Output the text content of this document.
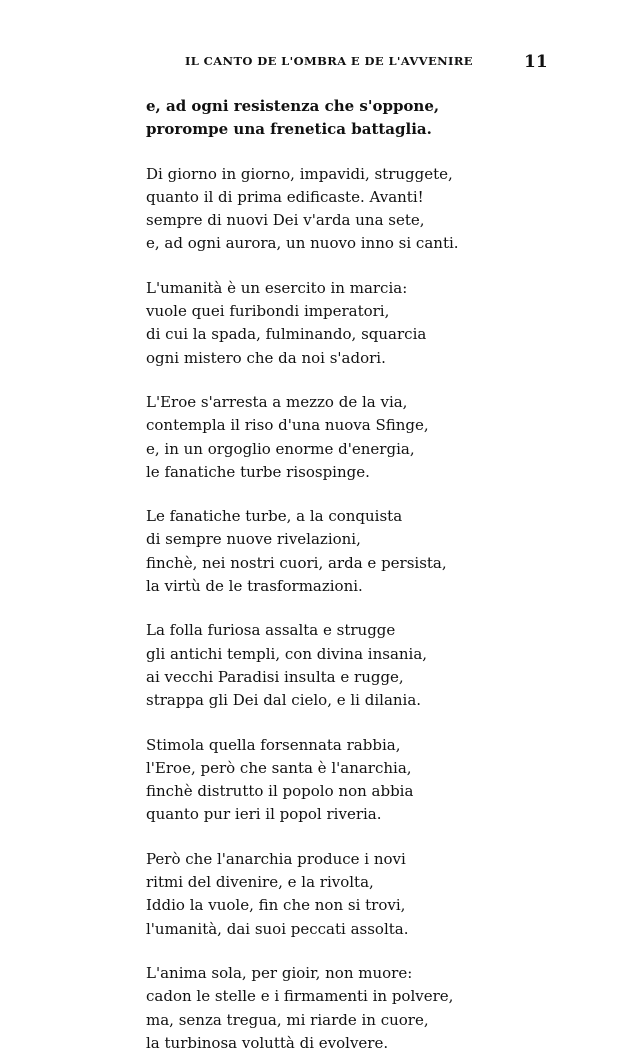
IL CANTO DE L'OMBRA E DE L'AVVENIRE	11
e, ad ogni resistenza che s'oppone,
prorompe una frenetica battaglia.
Di giorno in giorno, impavidi, struggete,
quanto il di prima edificaste. Avanti!
sempre di nuovi Dei v'arda una sete,
e, ad ogni aurora, un nuovo inno si canti.
L'umanità è un esercito in marcia:
vuole quei furibondi imperatori,
di cui la spada, fulminando, squarcia
ogni mistero che da noi s'adori.
L'Eroe s'arresta a mezzo de la via,
contempla il riso d'una nuova Sfinge,
e, in un orgoglio enorme d'energia,
le fanatiche turbe risospinge.
Le fanatiche turbe, a la conquista
di sempre nuove rivelazioni,
finchè, nei nostri cuori, arda e persista,
la virtù de le trasformazioni.
La folla furiosa assalta e strugge
gli antichi templi, con divina insania,
ai vecchi Paradisi insulta e rugge,
strappa gli Dei dal cielo, e li dilania.
Stimola quella forsennata rabbia,
l'Eroe, però che santa è l'anarchia,
finchè distrutto il popolo non abbia
quanto pur ieri il popol riveria.
Però che l'anarchia produce i novi
ritmi del divenire, e la rivolta,
Iddio la vuole, fin che non si trovi,
l'umanità, dai suoi peccati assolta.
L'anima sola, per gioir, non muore:
cadon le stelle e i firmamenti in polvere,
ma, senza tregua, mi riarde in cuore,
la turbinosa voluttà di evolvere.
